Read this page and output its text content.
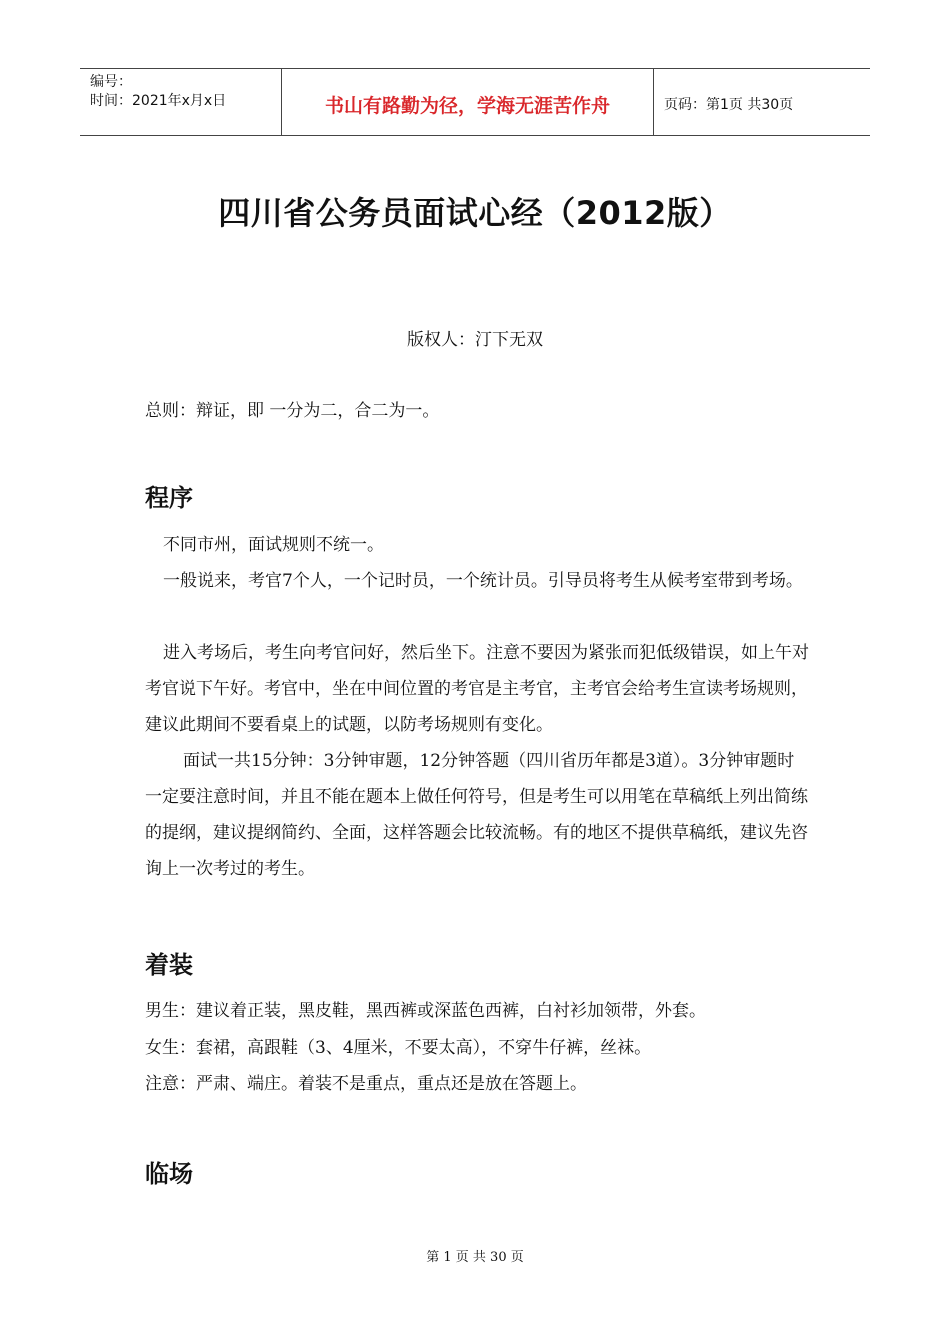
编号：
时间：2021年x月x日	书山有路勤为径，学海无涯苦作舟	页码：第1页 共30页
四川省公务员面试心经（2012版）
版权人：汀下无双
总则：辩证，即 一分为二，合二为一。
程序
不同市州，面试规则不统一。
一般说来，考官7个人，一个记时员，一个统计员。引导员将考生从候考室带到考场。
进入考场后，考生向考官问好，然后坐下。注意不要因为紧张而犯低级错误，如上午对考官说下午好。考官中，坐在中间位置的考官是主考官，主考官会给考生宣读考场规则，建议此期间不要看桌上的试题，以防考场规则有变化。
面试一共15分钟：3分钟审题，12分钟答题（四川省历年都是3道）。3分钟审题时一定要注意时间，并且不能在题本上做任何符号，但是考生可以用笔在草稿纸上列出简练的提纲，建议提纲简约、全面，这样答题会比较流畅。有的地区不提供草稿纸，建议先咨询上一次考过的考生。
着装
男生：建议着正装，黑皮鞋，黑西裤或深蓝色西裤，白衬衫加领带，外套。
女生：套裙，高跟鞋（3、4厘米，不要太高），不穿牛仔裤，丝袜。
注意：严肃、端庄。着装不是重点，重点还是放在答题上。
临场
第 1 页 共 30 页
